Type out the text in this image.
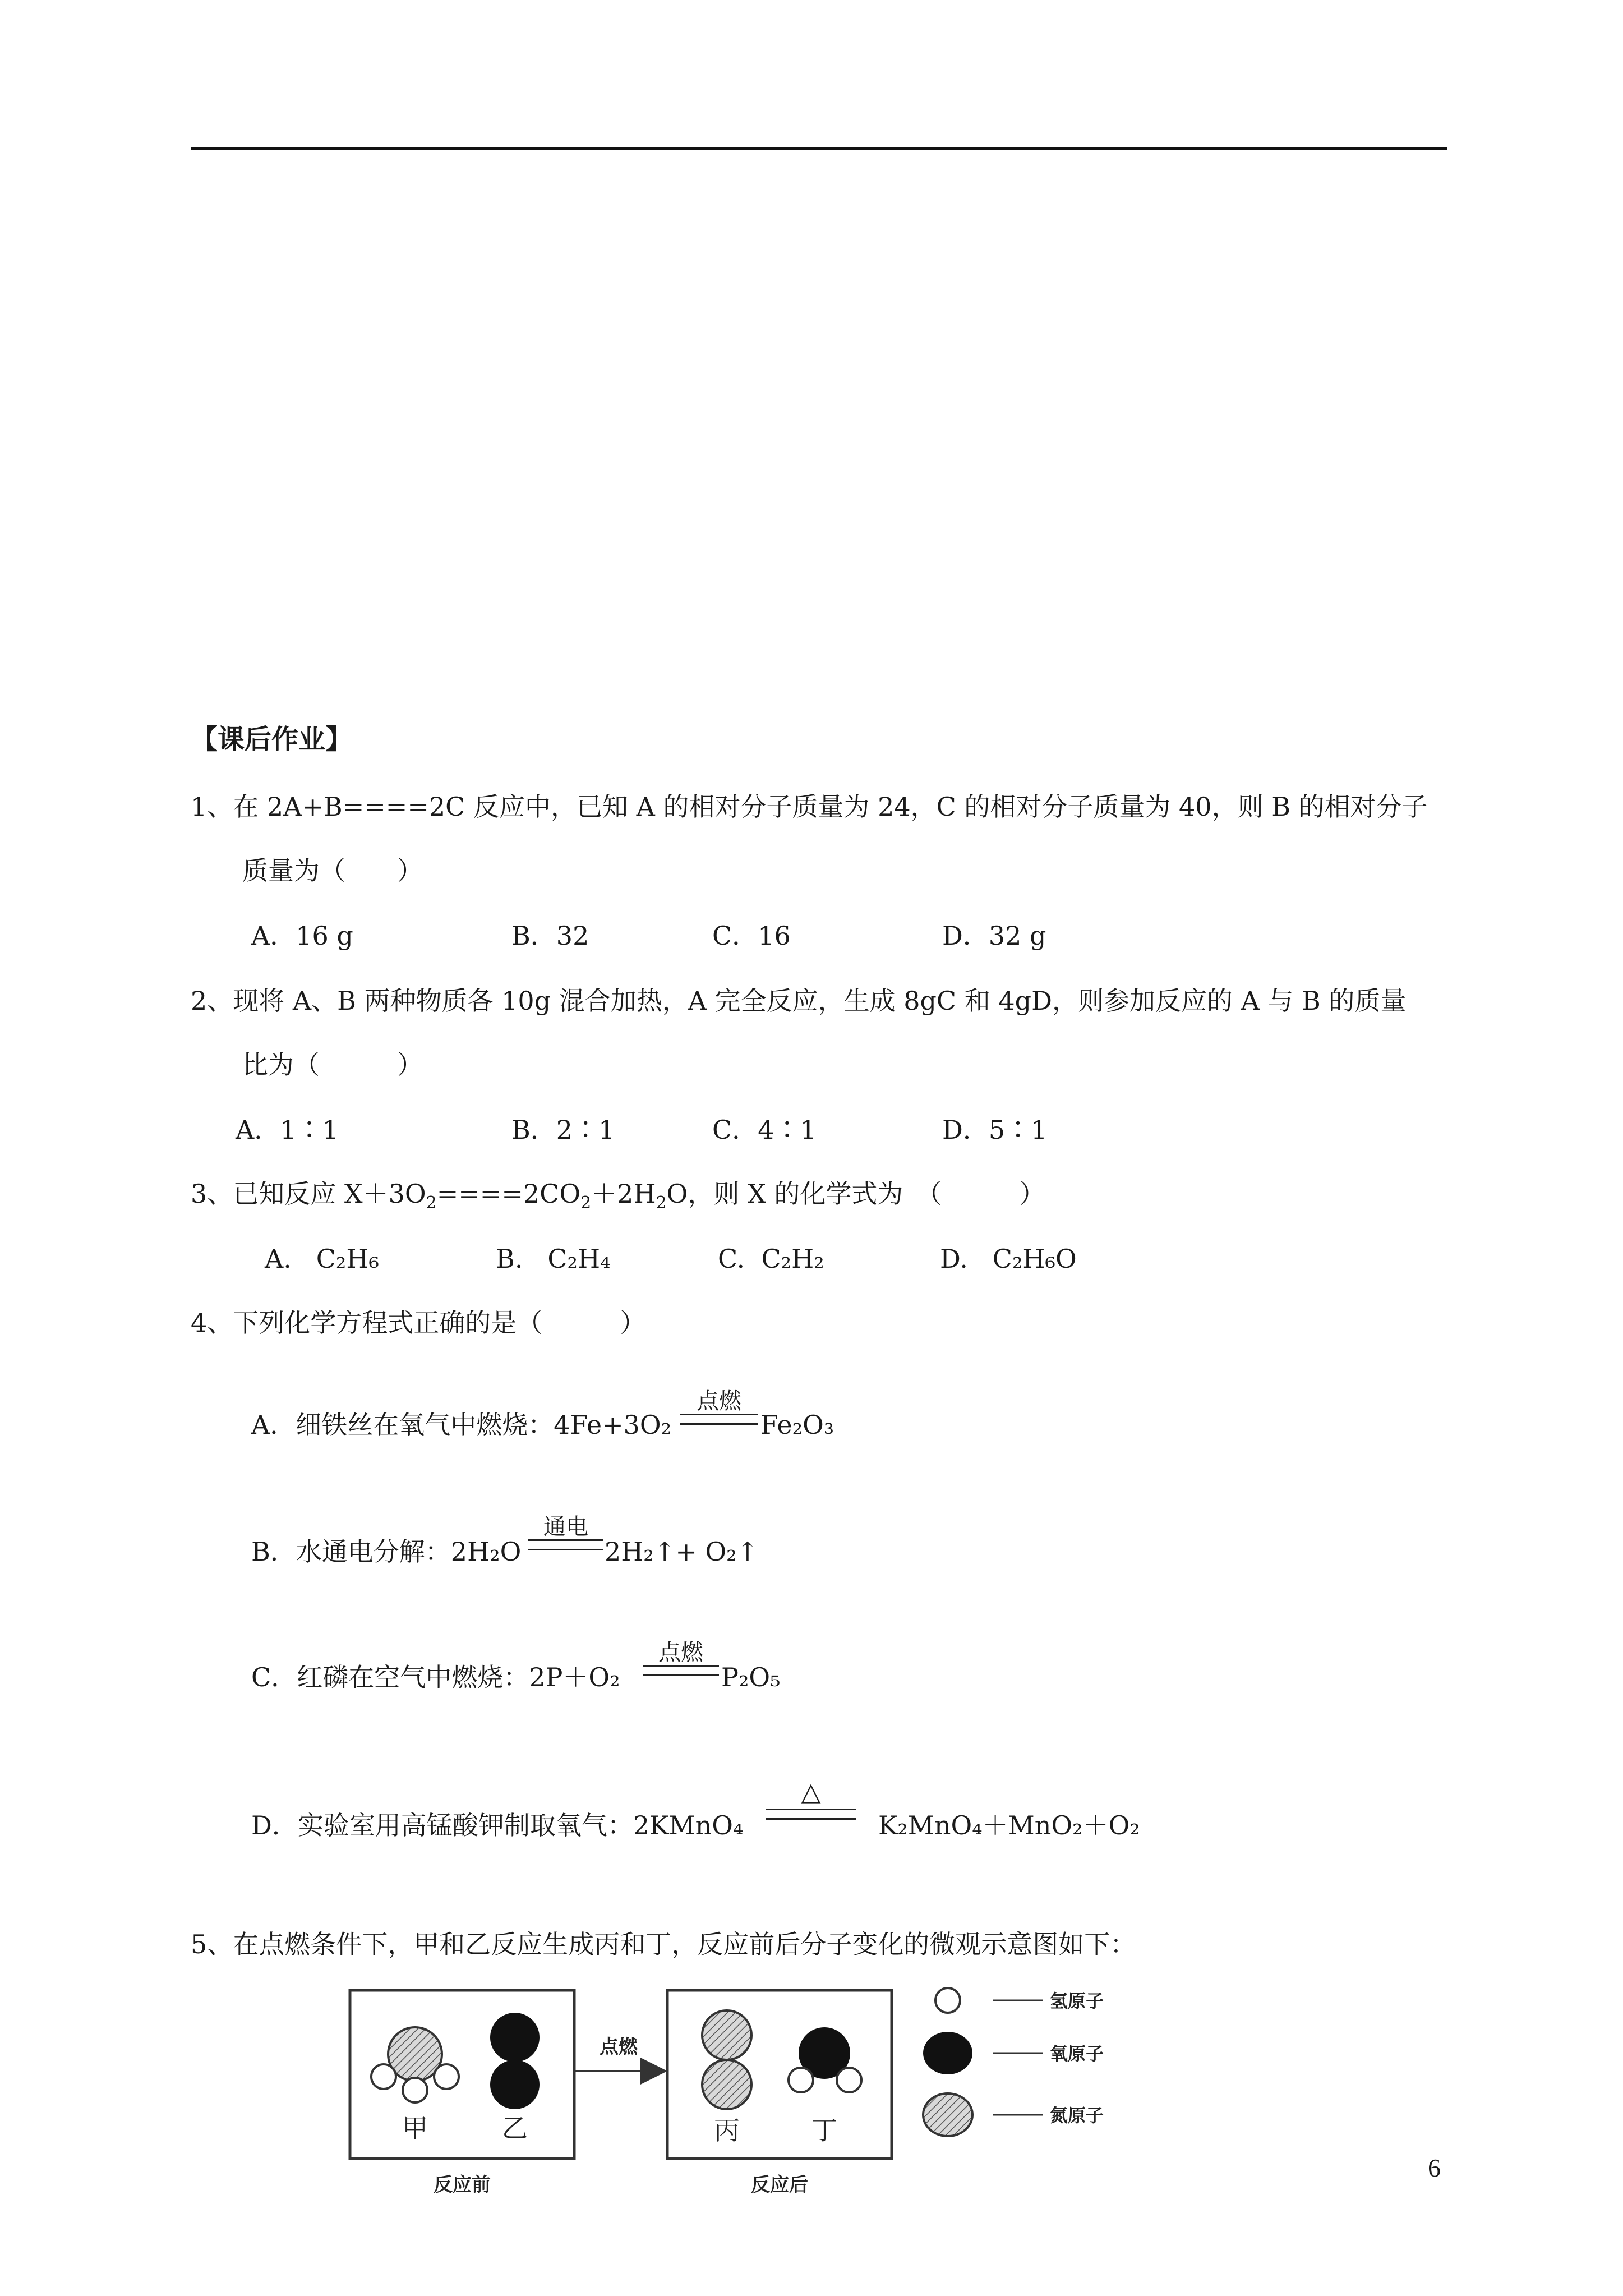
【课后作业】
1、在 2A+B====2C 反应中，已知 A 的相对分子质量为 24，C 的相对分子质量为 40，则 B 的相对分子
质量为（　　）
A．16 g	B．32	C．16	D．32 g
2、现将 A、B 两种物质各 10g 混合加热，A 完全反应，生成 8gC 和 4gD，则参加反应的 A 与 B 的质量
比为（　　　）
A．1∶1	B．2∶1	C．4∶1	D．5∶1
3、已知反应 $X+3O_2====2CO_2+2H_2O$，则 X 的化学式为　（　　　）
A. C₂H₆	B. C₂H₄	C. C₂H₂	D. C₂H₆O
4、下列化学方程式正确的是（　　　）
A．细铁丝在氧气中燃烧：4Fe+3O₂
点燃
Fe₂O₃
B．水通电分解：2H₂O
通电
2H₂↑+ O₂↑
C．红磷在空气中燃烧：2P＋O₂
点燃
P₂O₅
D．实验室用高锰酸钾制取氧气：2KMnO₄
△
K₂MnO₄＋MnO₂＋O₂
5、在点燃条件下，甲和乙反应生成丙和丁，反应前后分子变化的微观示意图如下：
甲	乙
反应前
点燃
丙	丁
反应后
氢原子
氧原子
氮原子
6
